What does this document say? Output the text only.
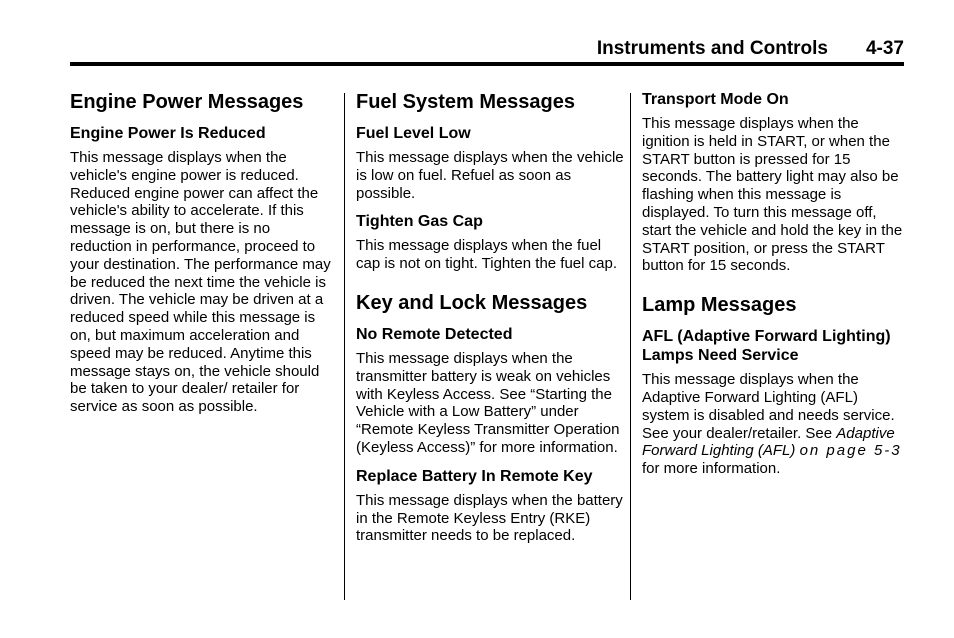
Instruments and Controls 4-37
Engine Power Messages
Engine Power Is Reduced

This message displays when the vehicle's engine power is reduced. Reduced engine power can affect the vehicle's ability to accelerate. If this message is on, but there is no reduction in performance, proceed to your destination. The performance may be reduced the next time the vehicle is driven. The vehicle may be driven at a reduced speed while this message is on, but maximum acceleration and speed may be reduced. Anytime this message stays on, the vehicle should be taken to your dealer/ retailer for service as soon as possible.

Fuel System Messages
Fuel Level Low

This message displays when the vehicle is low on fuel. Refuel as soon as possible.

Tighten Gas Cap

This message displays when the fuel cap is not on tight. Tighten the fuel cap.

Key and Lock Messages
No Remote Detected

This message displays when the transmitter battery is weak on vehicles with Keyless Access. See “Starting the Vehicle with a Low Battery” under “Remote Keyless Transmitter Operation (Keyless Access)” for more information.

Replace Battery In Remote Key

This message displays when the battery in the Remote Keyless Entry (RKE) transmitter needs to be replaced.

Transport Mode On

This message displays when the ignition is held in START, or when the START button is pressed for 15 seconds. The battery light may also be flashing when this message is displayed. To turn this message off, start the vehicle and hold the key in the START position, or press the START button for 15 seconds.

Lamp Messages
AFL (Adaptive Forward Lighting) Lamps Need Service

This message displays when the Adaptive Forward Lighting (AFL) system is disabled and needs service. See your dealer/retailer. See Adaptive Forward Lighting (AFL) on page 5-3 for more information.
